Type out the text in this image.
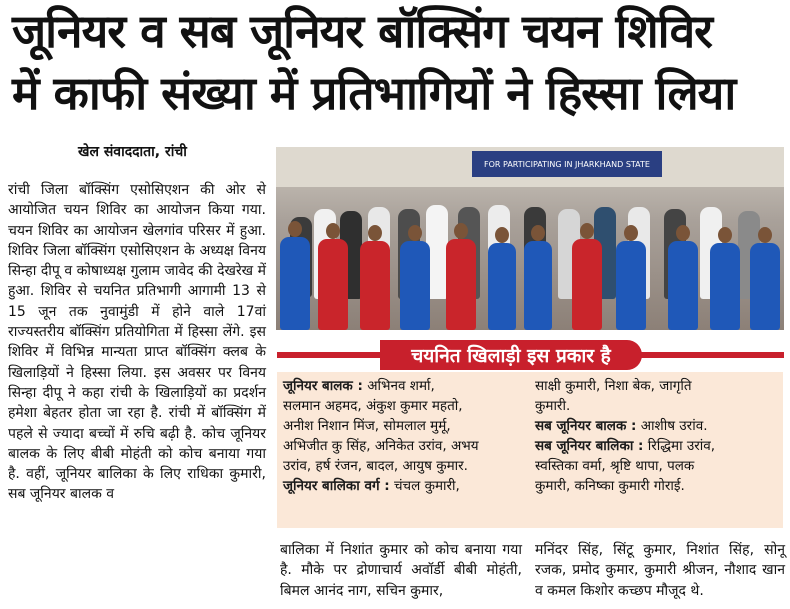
जूनियर व सब जूनियर बॉक्सिंग चयन शिविर
में काफी संख्या में प्रतिभागियों ने हिस्सा लिया
खेल संवाददाता, रांची

रांची जिला बॉक्सिंग एसोसिएशन की ओर से आयोजित चयन शिविर का आयोजन किया गया. चयन शिविर का आयोजन खेलगांव परिसर में हुआ. शिविर जिला बॉक्सिंग एसोसिएशन के अध्यक्ष विनय सिन्हा दीपू व कोषाध्यक्ष गुलाम जावेद की देखरेख में हुआ. शिविर से चयनित प्रतिभागी आगामी 13 से 15 जून तक नुवामुंडी में होने वाले 17वां राज्यस्तरीय बॉक्सिंग प्रतियोगिता में हिस्सा लेंगे. इस शिविर में विभिन्न मान्यता प्राप्त बॉक्सिंग क्लब के खिलाड़ियों ने हिस्सा लिया. इस अवसर पर विनय सिन्हा दीपू ने कहा रांची के खिलाड़ियों का प्रदर्शन हमेशा बेहतर होता जा रहा है. रांची में बॉक्सिंग में पहले से ज्यादा बच्चों में रुचि बढ़ी है. कोच जूनियर बालक के लिए बीबी मोहंती को कोच बनाया गया है. वहीं, जूनियर बालिका के लिए राधिका कुमारी, सब जूनियर बालक व

FOR PARTICIPATING IN JHARKHAND STATE
चयनित खिलाड़ी इस प्रकार है
जूनियर बालक : अभिनव शर्मा,
सलमान अहमद, अंकुश कुमार महतो,
अनीश निशान मिंज, सोमलाल मुर्मू,
अभिजीत कु सिंह, अनिकेत उरांव, अभय
उरांव, हर्ष रंजन, बादल, आयुष कुमार.
जूनियर बालिका वर्ग : चंचल कुमारी,
साक्षी कुमारी, निशा बेक, जागृति
कुमारी.
सब जूनियर बालक : आशीष उरांव.
सब जूनियर बालिका : रिद्धिमा उरांव,
स्वस्तिका वर्मा, श्रृष्टि थापा, पलक
कुमारी, कनिष्का कुमारी गोराई.

बालिका में निशांत कुमार को कोच बनाया गया है. मौके पर द्रोणाचार्य अवॉर्डी बीबी मोहंती, बिमल आनंद नाग, सचिन कुमार,

मनिंदर सिंह, सिंटू कुमार, निशांत सिंह, सोनू रजक, प्रमोद कुमार, कुमारी श्रीजन, नौशाद खान व कमल किशोर कच्छप मौजूद थे.
